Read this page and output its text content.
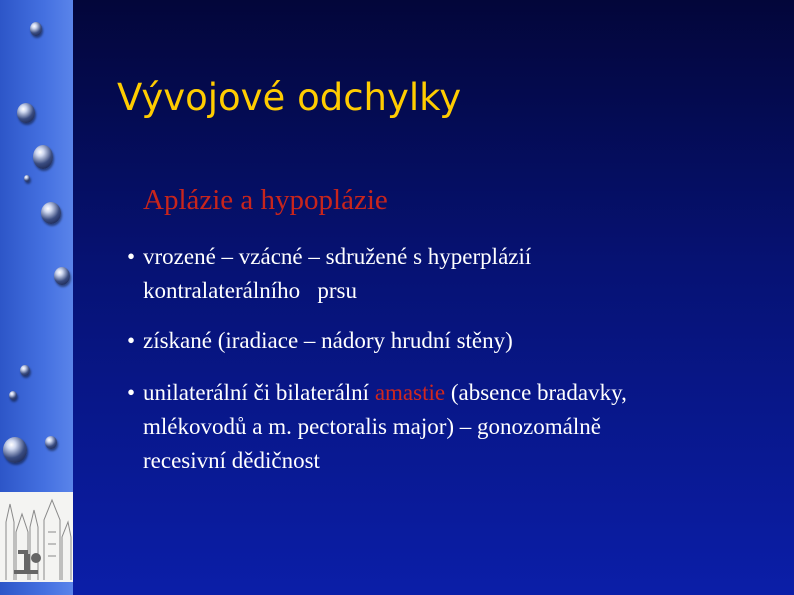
Vývojové odchylky
Aplázie a hypoplázie
• vrozené – vzácné – sdružené s hyperplázií
kontralaterálního   prsu
• získané (iradiace – nádory hrudní stěny)
• unilaterální či bilaterální amastie (absence bradavky,
mlékovodů a m. pectoralis major) – gonozomálně
recesivní dědičnost
